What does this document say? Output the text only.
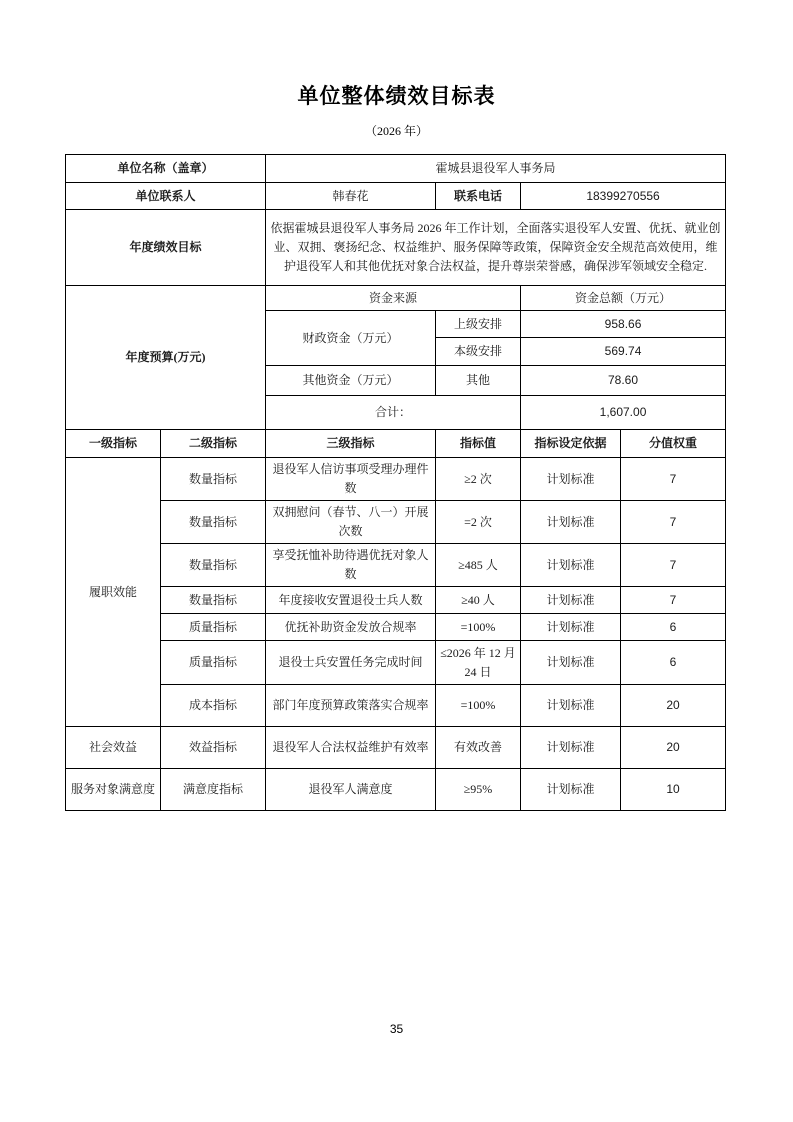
单位整体绩效目标表
（2026 年）
单位名称（盖章）		霍城县退役军人事务局			
单位联系人		韩春花	联系电话	18399270556	
年度绩效目标		依据霍城县退役军人事务局 2026 年工作计划，全面落实退役军人安置、优抚、就业创业、双拥、褒扬纪念、权益维护、服务保障等政策，保障资金安全规范高效使用，维护退役军人和其他优抚对象合法权益，提升尊崇荣誉感，确保涉军领域安全稳定.			
年度预算(万元)		资金来源		资金总额（万元）	
		财政资金（万元）	上级安排	958.66	
			本级安排	569.74	
		其他资金（万元）	其他	78.60	
		合计：		1,607.00	
一级指标	二级指标	三级指标	指标值	指标设定依据	分值权重
履职效能	数量指标	退役军人信访事项受理办理件数	≥2 次	计划标准	7
	数量指标	双拥慰问（春节、八一）开展次数	=2 次	计划标准	7
	数量指标	享受抚恤补助待遇优抚对象人数	≥485 人	计划标准	7
	数量指标	年度接收安置退役士兵人数	≥40 人	计划标准	7
	质量指标	优抚补助资金发放合规率	=100%	计划标准	6
	质量指标	退役士兵安置任务完成时间	≤2026 年 12 月 24 日	计划标准	6
	成本指标	部门年度预算政策落实合规率	=100%	计划标准	20
社会效益	效益指标	退役军人合法权益维护有效率	有效改善	计划标准	20
服务对象满意度	满意度指标	退役军人满意度	≥95%	计划标准	10
35
